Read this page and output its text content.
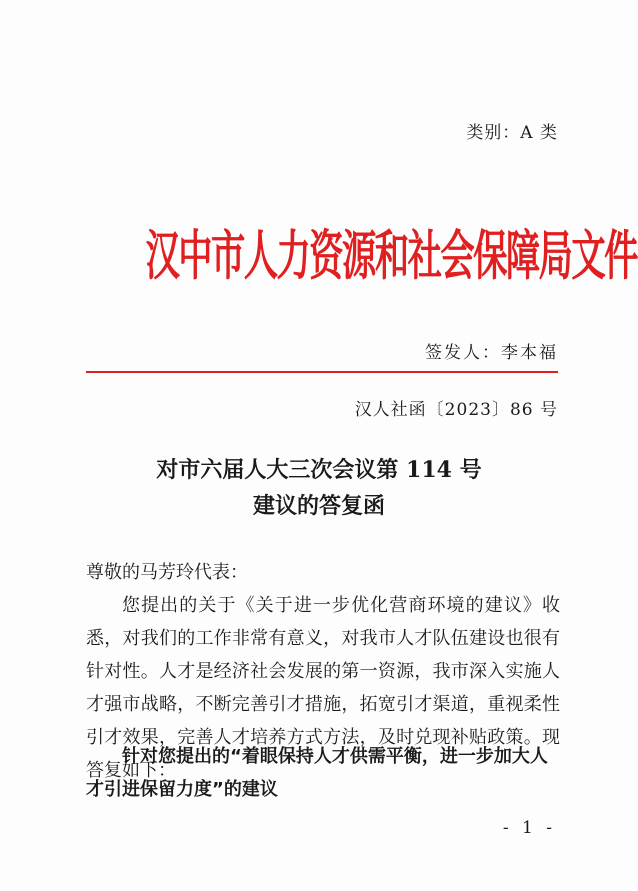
类别：A 类
汉中市人力资源和社会保障局文件
签发人：李本福
汉人社函〔2023〕86 号
对市六届人大三次会议第 114 号
建议的答复函
尊敬的马芳玲代表：
您提出的关于《关于进一步优化营商环境的建议》收悉，对我们的工作非常有意义，对我市人才队伍建设也很有针对性。人才是经济社会发展的第一资源，我市深入实施人才强市战略，不断完善引才措施，拓宽引才渠道，重视柔性引才效果，完善人才培养方式方法，及时兑现补贴政策。现答复如下：
针对您提出的“着眼保持人才供需平衡，进一步加大人才引进保留力度”的建议
- 1 -
